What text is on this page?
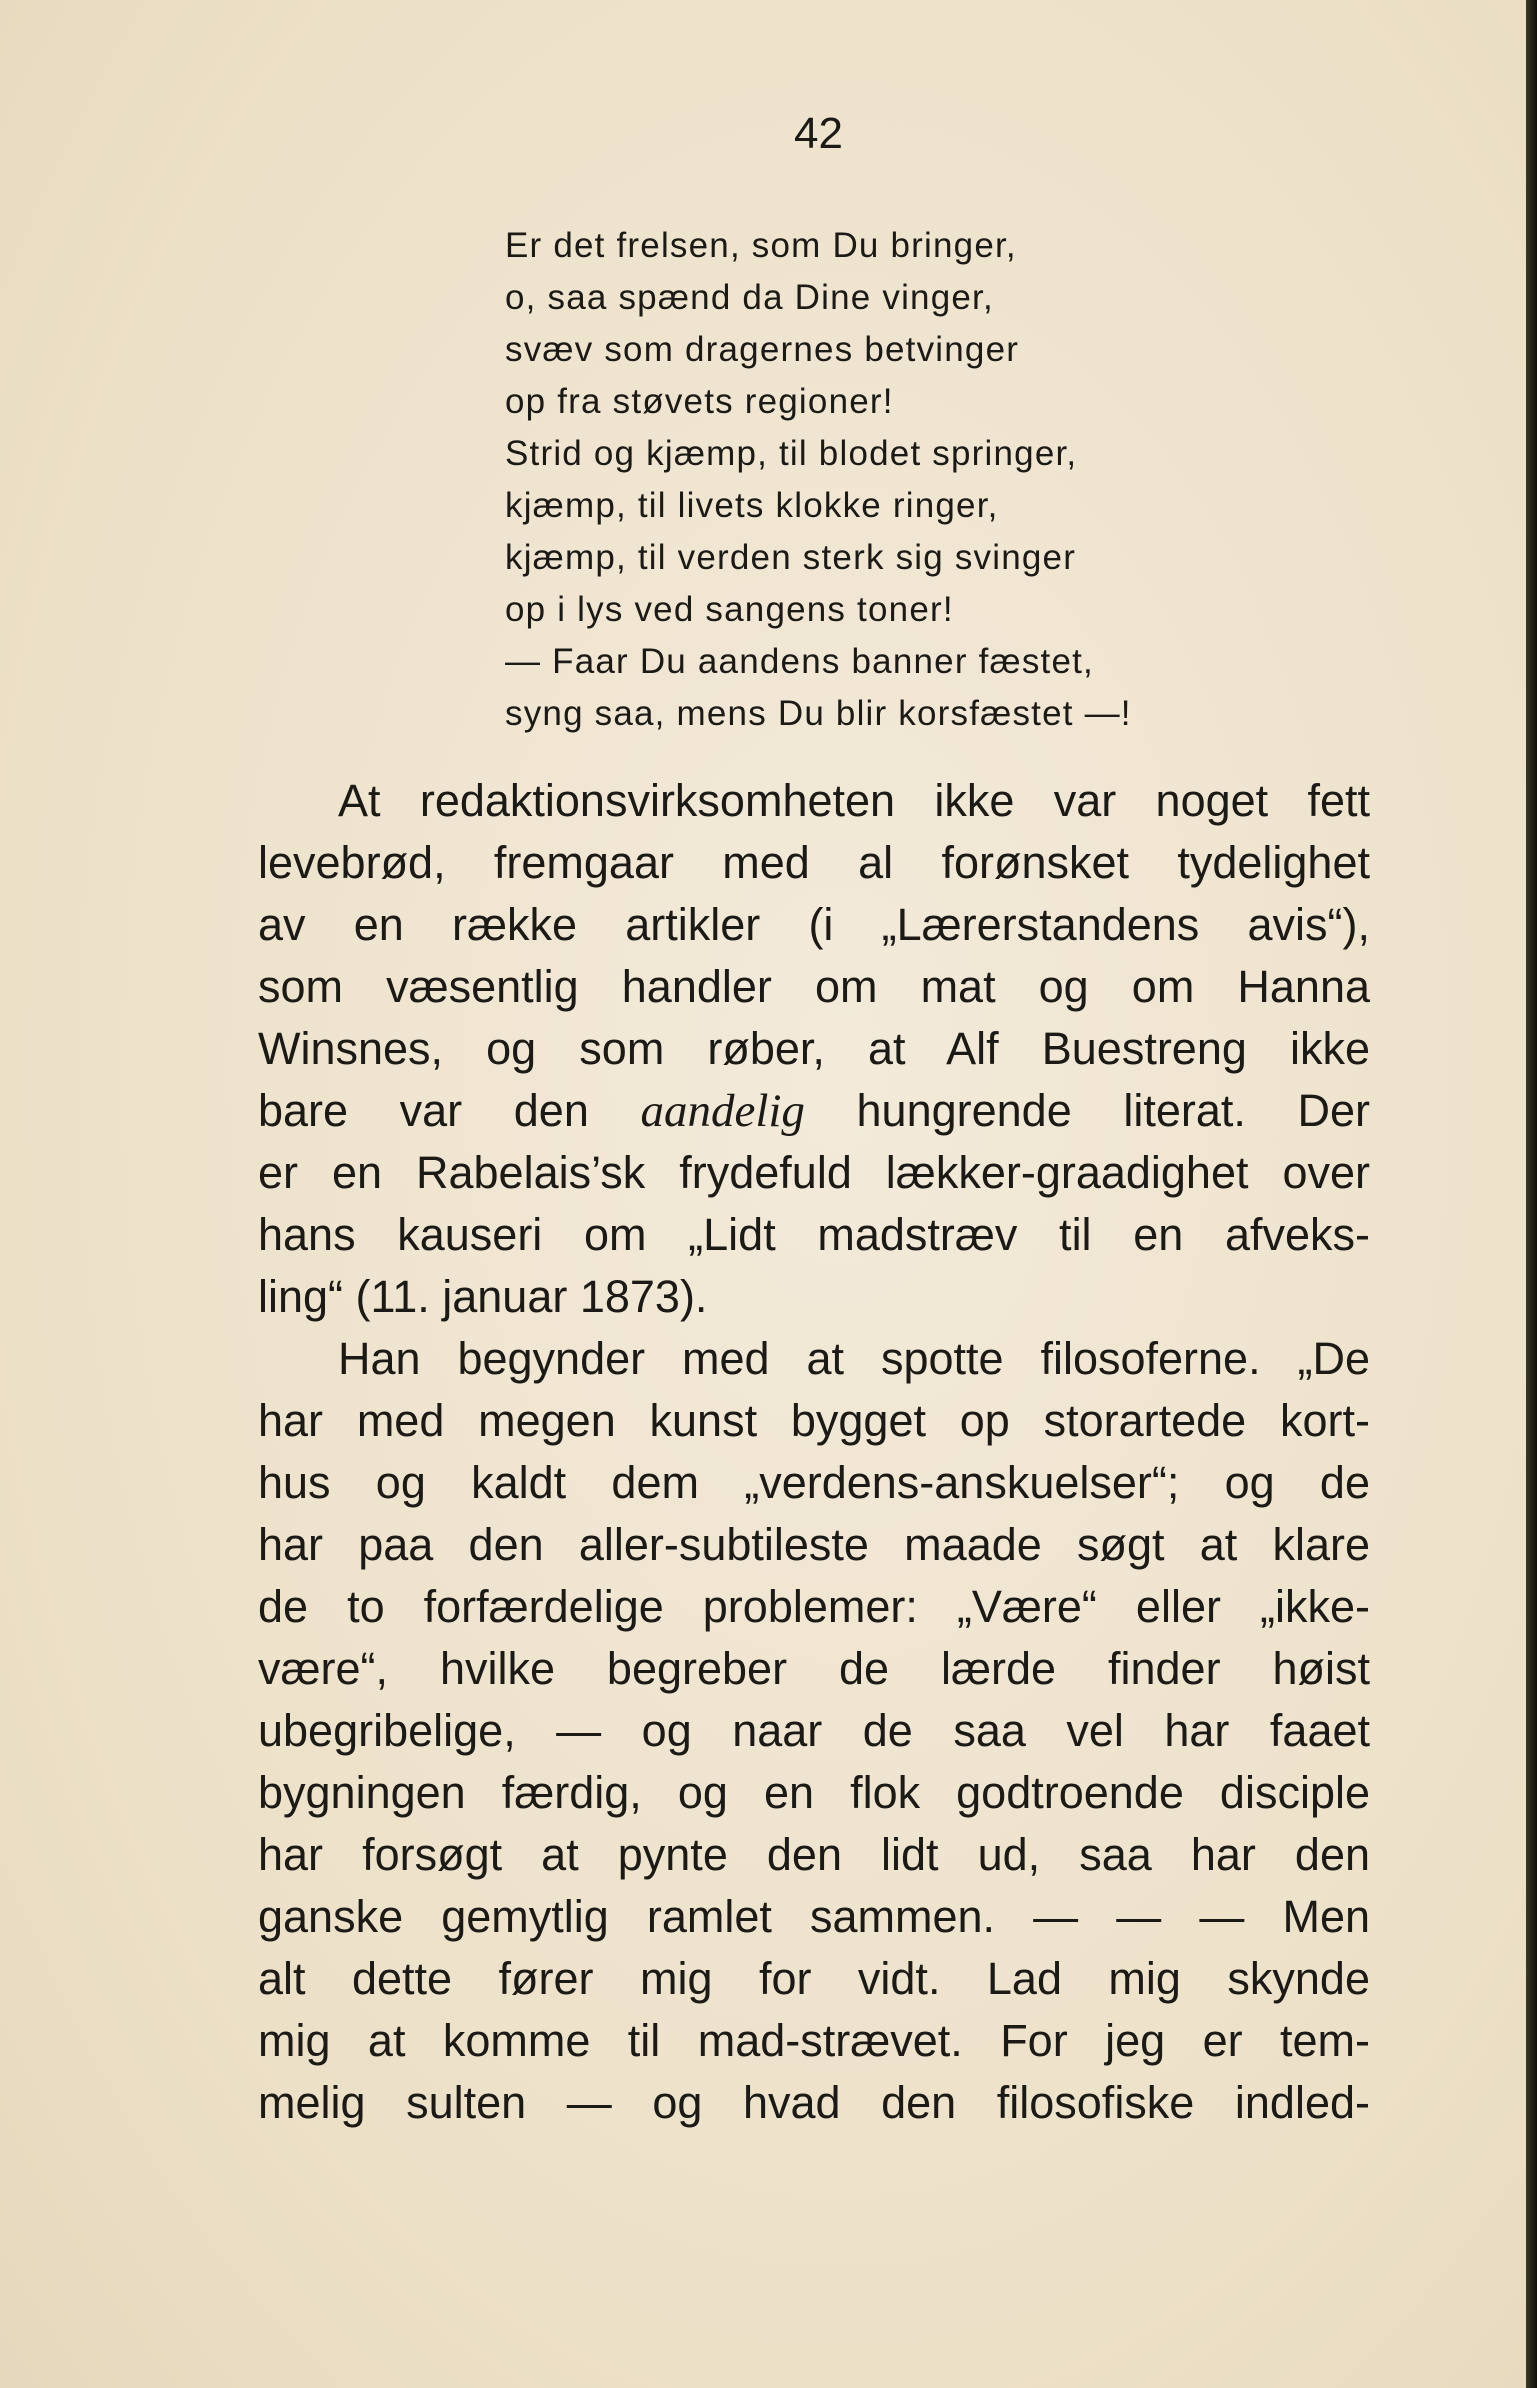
42

Er det frelsen, som Du bringer,
o, saa spænd da Dine vinger,
svæv som dragernes betvinger
op fra støvets regioner!
Strid og kjæmp, til blodet springer,
kjæmp, til livets klokke ringer,
kjæmp, til verden sterk sig svinger
op i lys ved sangens toner!
— Faar Du aandens banner fæstet,
syng saa, mens Du blir korsfæstet —!
At redaktionsvirksomheten ikke var noget fett
levebrød, fremgaar med al forønsket tydelighet
av en række artikler (i „Lærerstandens avis“),
som væsentlig handler om mat og om Hanna
Winsnes, og som røber, at Alf Buestreng ikke
bare var den aandelig hungrende literat. Der
er en Rabelais’sk frydefuld lækker-graadighet over
hans kauseri om „Lidt madstræv til en afveks-
ling“ (11. januar 1873).
Han begynder med at spotte filosoferne. „De
har med megen kunst bygget op storartede kort-
hus og kaldt dem „verdens-anskuelser“; og de
har paa den aller-subtileste maade søgt at klare
de to forfærdelige problemer: „Være“ eller „ikke-
være“, hvilke begreber de lærde finder høist
ubegribelige, — og naar de saa vel har faaet
bygningen færdig, og en flok godtroende disciple
har forsøgt at pynte den lidt ud, saa har den
ganske gemytlig ramlet sammen. — — — Men
alt dette fører mig for vidt. Lad mig skynde
mig at komme til mad-strævet. For jeg er tem-
melig sulten — og hvad den filosofiske indled-
